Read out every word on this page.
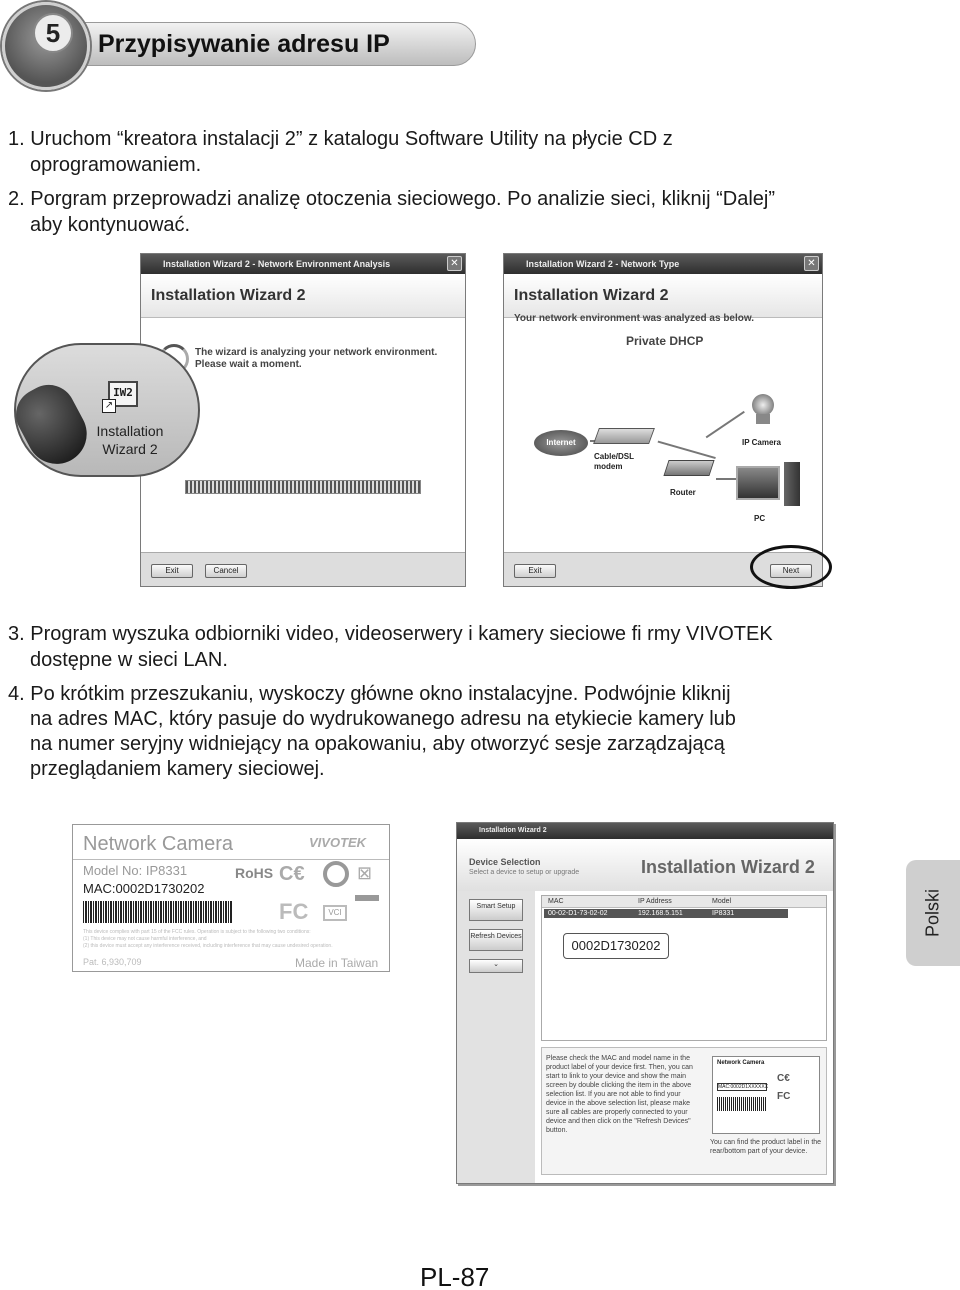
Przypisywanie adresu IP
5
1. Uruchom “kreatora instalacji 2” z katalogu Software Utility na płycie CD z
oprogramowaniem.
2. Porgram przeprowadzi analizę otoczenia sieciowego. Po analizie sieci, kliknij “Dalej”
aby kontynuować.
Installation Wizard 2 - Network Environment Analysis	✕
Installation Wizard 2
The wizard is analyzing your network environment.
Please wait a moment.
Exit	Cancel
IW2
↗
Installation
Wizard 2
Installation Wizard 2 - Network Type	✕
Installation Wizard 2
Your network environment was analyzed as below.
Private DHCP
Internet
Cable/DSL
modem
Router
IP Camera
PC
Exit	Next
3. Program wyszuka odbiorniki video, videoserwery i kamery sieciowe fi rmy VIVOTEK
dostępne w sieci LAN.
4. Po krótkim przeszukaniu, wyskoczy główne okno instalacyjne. Podwójnie kliknij
na adres MAC, który pasuje do wydrukowanego adresu na etykiecie kamery lub
na numer seryjny widniejący na opakowaniu, aby otworzyć sesje zarządzającą
przeglądaniem kamery sieciowej.
Network Camera	VIVOTEK
Model No: IP8331
MAC:0002D1730202
RoHS C€	⊠
FC	VCI
This device complies with part 15 of the FCC rules. Operation is subject to the following two conditions:
(1) This device may not cause harmful interference, and
(2) this device must accept any interference received, including interference that may cause undesired operation.
Pat. 6,930,709	Made in Taiwan
Installation Wizard 2
Device Selection
Select a device to setup or upgrade	Installation Wizard 2
Smart Setup
Refresh Devices
⌄
MAC	IP Address	Model
00-02-D1-73-02-02	192.168.5.151	IP8331
0002D1730202
Please check the MAC and model name in the product label of your device first. Then, you can start to link to your device and show the main screen by double clicking the item in the above selection list. If you are not able to find your device in the above selection list, please make sure all cables are properly connected to your device and then click on the "Refresh Devices" button.
Network Camera
MAC:0002D1XXXXXX
C€
FC
You can find the product label in the rear/bottom part of your device.
Polski
PL-87
